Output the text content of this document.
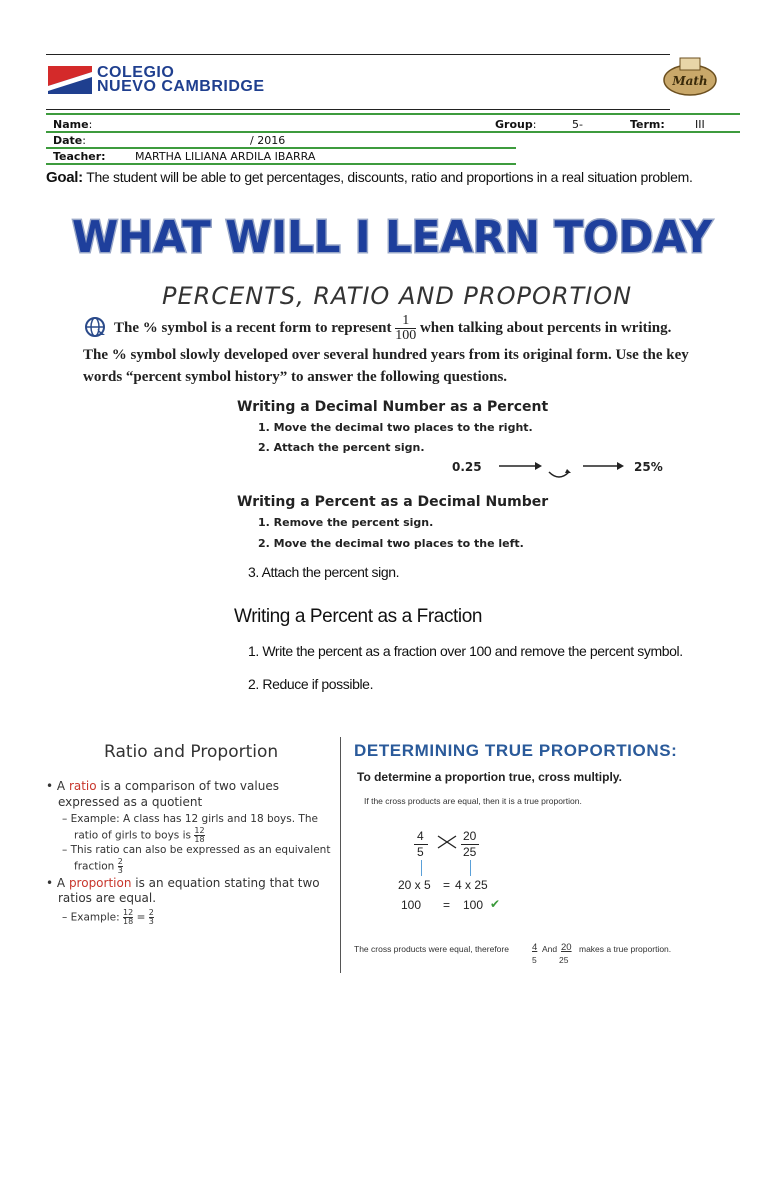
COLEGIO
NUEVO CAMBRIDGE	Math
Name:	Group:	5-	Term:	III
Date:	/ 2016
Teacher:	MARTHA LILIANA ARDILA IBARRA
Goal: The student will be able to get percentages, discounts, ratio and proportions in a real situation problem.
WHAT WILL I LEARN TODAY
PERCENTS, RATIO AND PROPORTION
The % symbol is a recent form to represent $\frac{1}{100}$ when talking about percents in writing.
The % symbol slowly developed over several hundred years from its original form. Use the key
words “percent symbol history” to answer the following questions.
Writing a Decimal Number as a Percent
1. Move the decimal two places to the right.
2. Attach the percent sign.
0.25	25%
Writing a Percent as a Decimal Number
1. Remove the percent sign.
2. Move the decimal two places to the left.
3. Attach the percent sign.
Writing a Percent as a Fraction
1. Write the percent as a fraction over 100 and remove the percent symbol.
2. Reduce if possible.
Ratio and Proportion
• A ratio is a comparison of two values
expressed as a quotient
– Example: A class has 12 girls and 18 boys. The
ratio of girls to boys is $\frac{12}{18}$
– This ratio can also be expressed as an equivalent
fraction $\frac{2}{3}$
• A proportion is an equation stating that two
ratios are equal.
– Example: $\frac{12}{18} = \frac{2}{3}$
DETERMINING TRUE PROPORTIONS:
To determine a proportion true, cross multiply.
If the cross products are equal, then it is a true proportion.
4
5
20
25
20 x 5 = 4 x 25
100 = 100 ✔
The cross products were equal, therefore 4
5
And 20
25
makes a true proportion.
